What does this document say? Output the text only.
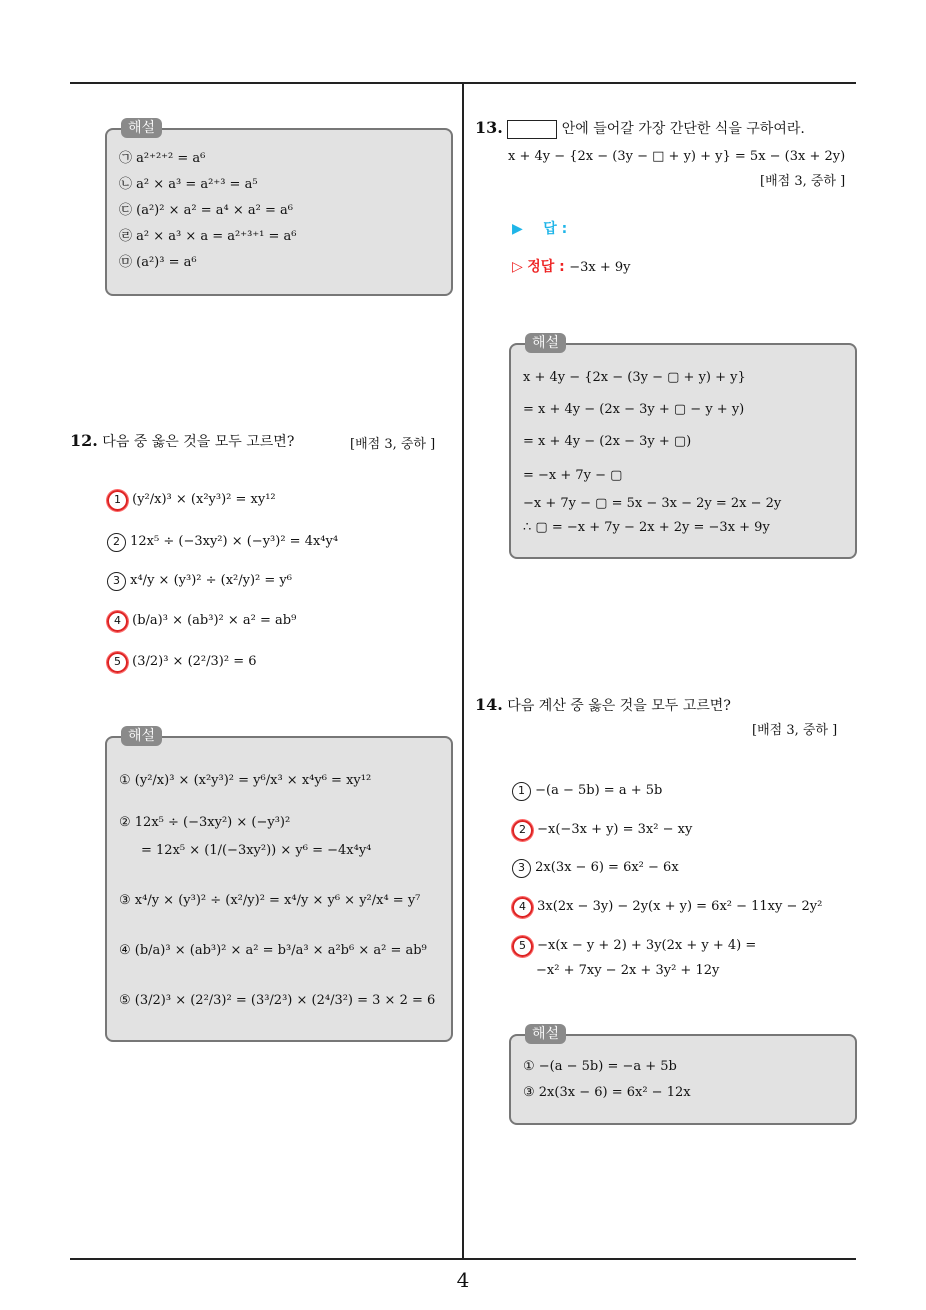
해설
㉠ a²⁺²⁺² = a⁶
㉡ a² × a³ = a²⁺³ = a⁵
㉢ (a²)² × a² = a⁴ × a² = a⁶
㉣ a² × a³ × a = a²⁺³⁺¹ = a⁶
㉤ (a²)³ = a⁶
12. 다음 중 옳은 것을 모두 고르면?	[배점 3, 중하 ]
1 (y²/x)³ × (x²y³)² = xy¹²
2 12x⁵ ÷ (−3xy²) × (−y³)² = 4x⁴y⁴
3 x⁴/y × (y³)² ÷ (x²/y)² = y⁶
4 (b/a)³ × (ab³)² × a² = ab⁹
5 (3/2)³ × (2²/3)² = 6
해설
① (y²/x)³ × (x²y³)² = y⁶/x³ × x⁴y⁶ = xy¹²
② 12x⁵ ÷ (−3xy²) × (−y³)²
= 12x⁵ × (1/(−3xy²)) × y⁶ = −4x⁴y⁴
③ x⁴/y × (y³)² ÷ (x²/y)² = x⁴/y × y⁶ × y²/x⁴ = y⁷
④ (b/a)³ × (ab³)² × a² = b³/a³ × a²b⁶ × a² = ab⁹
⑤ (3/2)³ × (2²/3)² = (3³/2³) × (2⁴/3²) = 3 × 2 = 6
13.	안에 들어갈 가장 간단한 식을 구하여라.
x + 4y − {2x − (3y − □ + y) + y} = 5x − (3x + 2y)
[배점 3, 중하 ]
▶ 답 :
▷ 정답 : −3x + 9y
해설
x + 4y − {2x − (3y − ▢ + y) + y}
= x + 4y − (2x − 3y + ▢ − y + y)
= x + 4y − (2x − 3y + ▢)
= −x + 7y − ▢
−x + 7y − ▢ = 5x − 3x − 2y = 2x − 2y
∴ ▢ = −x + 7y − 2x + 2y = −3x + 9y
14. 다음 계산 중 옳은 것을 모두 고르면?
[배점 3, 중하 ]
1 −(a − 5b) = a + 5b
2 −x(−3x + y) = 3x² − xy
3 2x(3x − 6) = 6x² − 6x
4 3x(2x − 3y) − 2y(x + y) = 6x² − 11xy − 2y²
5 −x(x − y + 2) + 3y(2x + y + 4) =
−x² + 7xy − 2x + 3y² + 12y
해설
① −(a − 5b) = −a + 5b
③ 2x(3x − 6) = 6x² − 12x
4
